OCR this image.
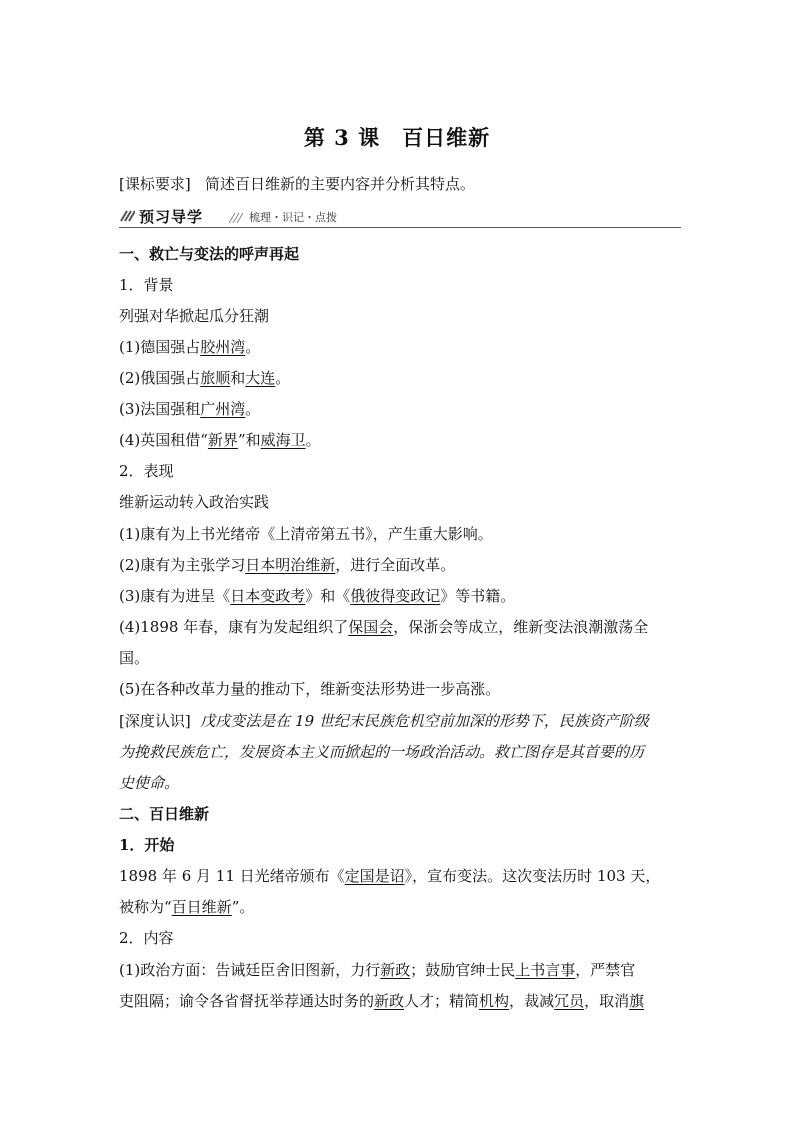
第 3 课 百日维新
[课标要求] 简述百日维新的主要内容并分析其特点。
预习导学	梳理・识记・点拨
一、救亡与变法的呼声再起
1．背景
列强对华掀起瓜分狂潮
(1)德国强占胶州湾。
(2)俄国强占旅顺和大连。
(3)法国强租广州湾。
(4)英国租借“新界”和威海卫。
2．表现
维新运动转入政治实践
(1)康有为上书光绪帝《上清帝第五书》，产生重大影响。
(2)康有为主张学习日本明治维新，进行全面改革。
(3)康有为进呈《日本变政考》和《俄彼得变政记》等书籍。
(4)1898 年春，康有为发起组织了保国会，保浙会等成立，维新变法浪潮激荡全
国。
(5)在各种改革力量的推动下，维新变法形势进一步高涨。
[深度认识] 戊戌变法是在 19 世纪末民族危机空前加深的形势下，民族资产阶级
为挽救民族危亡，发展资本主义而掀起的一场政治活动。救亡图存是其首要的历
史使命。
二、百日维新
1．开始
1898 年 6 月 11 日光绪帝颁布《定国是诏》，宣布变法。这次变法历时 103 天，
被称为“百日维新”。
2．内容
(1)政治方面：告诫廷臣舍旧图新，力行新政；鼓励官绅士民上书言事，严禁官
吏阻隔；谕令各省督抚举荐通达时务的新政人才；精简机构，裁减冗员，取消旗
